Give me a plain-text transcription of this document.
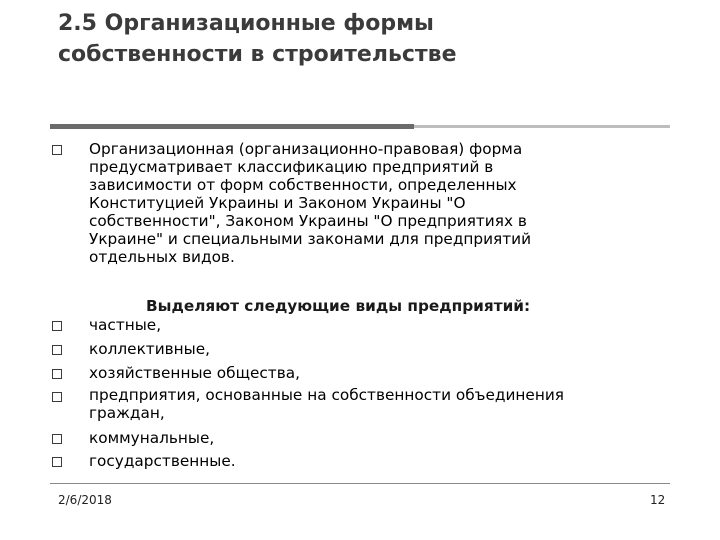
2.5 Организационные формы
собственности в строительстве
Организационная (организационно-правовая) форма
предусматривает классификацию предприятий в
зависимости от форм собственности, определенных
Конституцией Украины и Законом Украины "О
собственности", Законом Украины "О предприятиях в
Украине" и специальными законами для предприятий
отдельных видов.
Выделяют следующие виды предприятий:
частные,
коллективные,
хозяйственные общества,
предприятия, основанные на собственности объединения
граждан,
коммунальные,
государственные.
2/6/2018	12
